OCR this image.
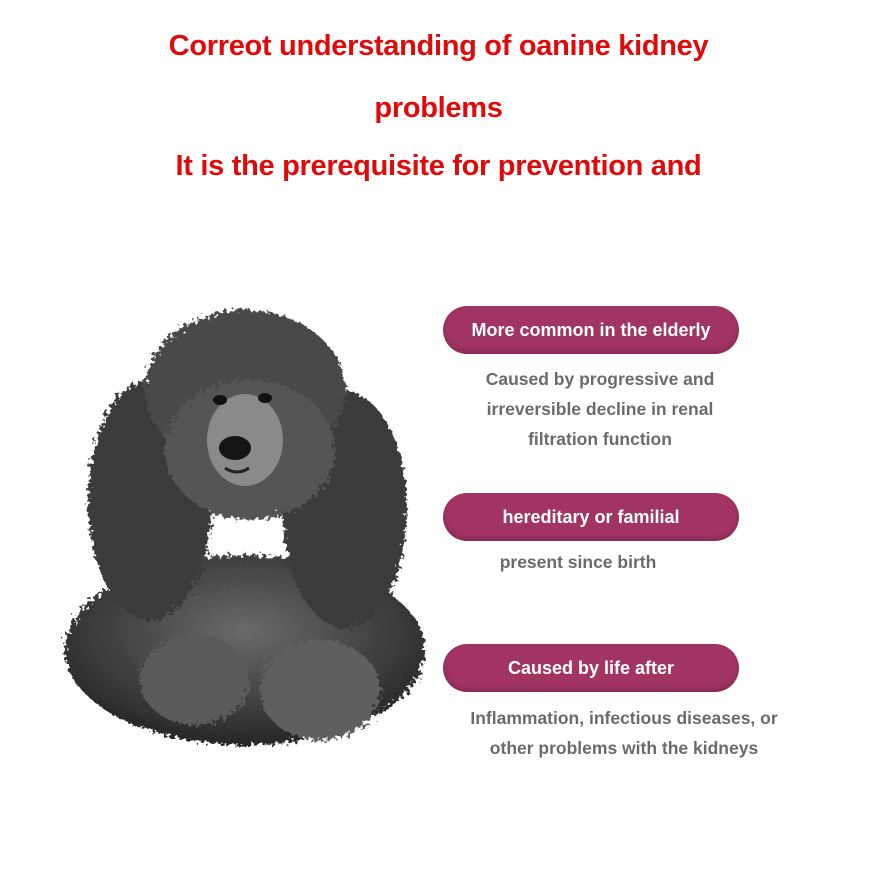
Correot understanding of oanine kidney
problems
It is the prerequisite for prevention and
More common in the elderly
Caused by progressive and
irreversible decline in renal
filtration function
hereditary or familial
present since birth
Caused by life after
Inflammation, infectious diseases, or
other problems with the kidneys
